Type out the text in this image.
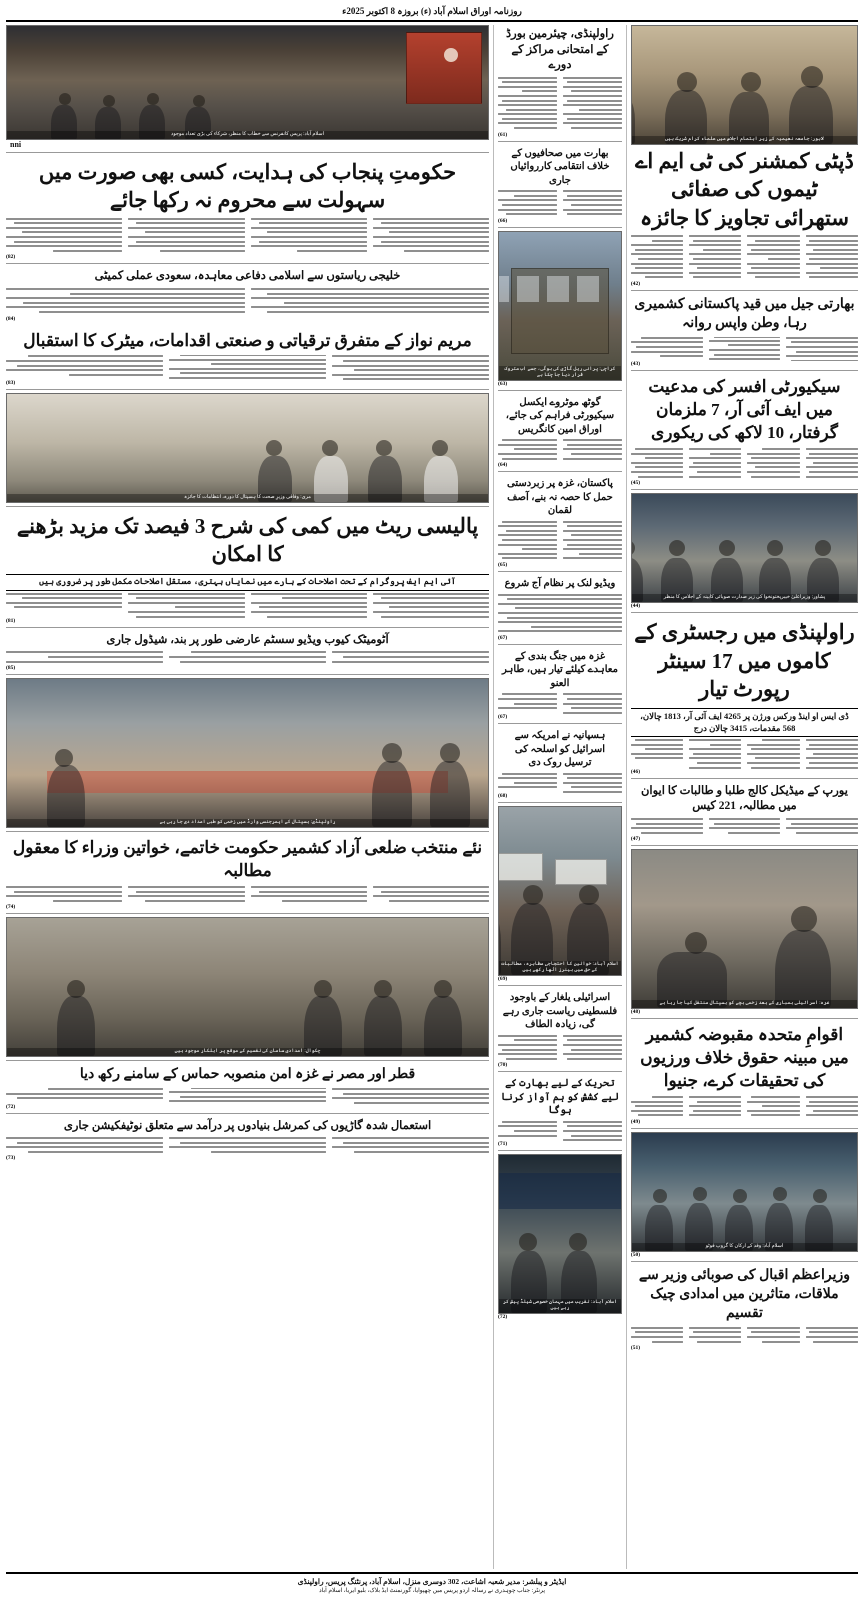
روزنامہ اوراق اسلام آباد (ء) بروزہ 8 اکتوبر 2025ء
لاہور: جامعہ نعیمیہ کے زیر اہتمام اجلاس میں علماء کرام شریک ہیں
ڈپٹی کمشنر کی ٹی ایم اے ٹیموں کی صفائی ستھرائی تجاویز کا جائزہ
(42)
بھارتی جیل میں قید پاکستانی کشمیری رہا، وطن واپس روانہ
(43)
سیکیورٹی افسر کی مدعیت میں ایف آئی آر، 7 ملزمان گرفتار، 10 لاکھ کی ریکوری
(45)
پشاور: وزیراعلیٰ خیبرپختونخوا کی زیر صدارت صوبائی کابینہ کے اجلاس کا منظر
(44)
راولپنڈی میں رجسٹری کے کاموں میں 17 سینٹر رپورٹ تیار
ڈی ایس او اینڈ ورکس ورژن پر 4265 ایف آئی آر، 1813 چالان، 568 مقدمات، 3415 چالان درج
(46)
یورپ کے میڈیکل کالج طلبا و طالبات کا ایوان میں مطالبہ، 221 کیس
(47)
غزہ: اسرائیلی بمباری کے بعد زخمی بچے کو ہسپتال منتقل کیا جا رہا ہے
(48)
اقوامِ متحدہ مقبوضہ کشمیر میں مبینہ حقوق خلاف ورزیوں کی تحقیقات کرے، جنیوا
(49)
اسلام آباد: وفد کے ارکان کا گروپ فوٹو
(50)
وزیراعظم اقبال کی صوبائی وزیر سے ملاقات، متاثرین میں امدادی چیک تقسیم
(51)
راولپنڈی، چیئرمین بورڈ کے امتحانی مراکز کے دورے
(61)
بھارت میں صحافیوں کے خلاف انتقامی کارروائیاں جاری
(66)
کراچی: پرانی ریل گاڑی کی بوگی، جسے اب متروک قرار دیا جا چکا ہے
(63)
گوٹھ موٹروے ایکسل سیکیورٹی فراہم کی جائے، اوراق امین کانگریس
(64)
پاکستان، غزہ پر زبردستی حمل کا حصہ نہ بنے، آصف لقمان
(65)
ویڈیو لنک پر نظام آج شروع
(67)
غزہ میں جنگ بندی کے معاہدے کیلئے تیار ہیں، طاہر العنو
(67)
ہسپانیہ نے امریکہ سے اسرائیل کو اسلحہ کی ترسیل روک دی
(68)
اسلام آباد: خواتین کا احتجاجی مظاہرہ، مطالبات کے حق میں بینرز اٹھا رکھے ہیں
(69)
اسرائیلی یلغار کے باوجود فلسطینی ریاست جاری رہے گی، زیادہ الطاف
(70)
تحریک کے لیے بھارت کے لیے کشش کو ہم آواز کرنا ہوگا
(71)
اسلام آباد: تقریب میں مہمانِ خصوصی شیلڈ پیش کر رہے ہیں
(72)
اسلام آباد: پریس کانفرنس سے خطاب کا منظر، شرکاء کی بڑی تعداد موجود
nni
حکومتِ پنجاب کی ہدایت، کسی بھی صورت میں سہولت سے محروم نہ رکھا جائے
(82)
خلیجی ریاستوں سے اسلامی دفاعی معاہدہ، سعودی عملی کمیٹی
(84)
مریم نواز کے متفرق ترقیاتی و صنعتی اقدامات، میٹرک کا استقبال
(83)
مری: وفاقی وزیرِ صحت کا ہسپتال کا دورہ، انتظامات کا جائزہ
پالیسی ریٹ میں کمی کی شرح 3 فیصد تک مزید بڑھنے کا امکان
آئی ایم ایف پروگرام کے تحت اصلاحات کے بارے میں نمایاں بہتری، مستقل اصلاحات مکمل طور پر ضروری ہیں
(81)
آٹومیٹک کیوب ویڈیو سسٹم عارضی طور پر بند، شیڈول جاری
(85)
راولپنڈی: ہسپتال کے ایمرجنسی وارڈ میں زخمی کو طبی امداد دی جا رہی ہے
نئے منتخب ضلعی آزاد کشمیر حکومت خاتمے، خواتین وزراء کا معقول مطالبہ
(74)
چکوال: امدادی سامان کی تقسیم کے موقع پر اہلکار موجود ہیں
قطر اور مصر نے غزہ امن منصوبہ حماس کے سامنے رکھ دیا
(72)
استعمال شدہ گاڑیوں کی کمرشل بنیادوں پر درآمد سے متعلق نوٹیفکیشن جاری
(73)
ایڈیٹر و پبلشر: مدیر شعبہ اشاعت، 302 دوسری منزل، اسلام آباد، پرنٹنگ پریس، راولپنڈی
پرنٹر: جناب چوہدری نے رسالہ اردو پریس میں چھپوایا، گورنمنٹ ایڈ بلاک، بلیو ایریا، اسلام آباد
